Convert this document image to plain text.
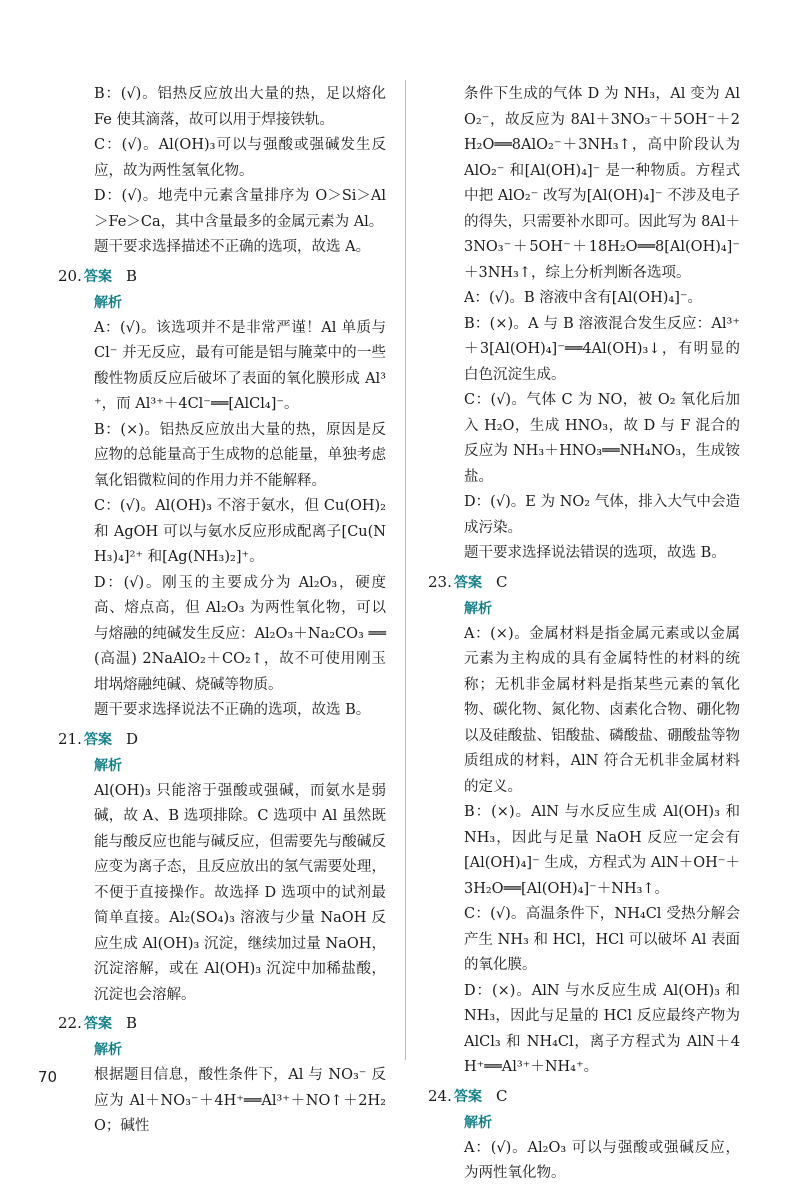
B：(√)。铝热反应放出大量的热，足以熔化 Fe 使其滴落，故可以用于焊接铁轨。

C：(√)。Al(OH)₃可以与强酸或强碱发生反应，故为两性氢氧化物。

D：(√)。地壳中元素含量排序为 O＞Si＞Al＞Fe＞Ca，其中含量最多的金属元素为 Al。

题干要求选择描述不正确的选项，故选 A。

20. 答案 B

解析

A：(√)。该选项并不是非常严谨！Al 单质与 Cl⁻ 并无反应，最有可能是铝与腌菜中的一些酸性物质反应后破坏了表面的氧化膜形成 Al³⁺，而 Al³⁺＋4Cl⁻══[AlCl₄]⁻。

B：(×)。铝热反应放出大量的热，原因是反应物的总能量高于生成物的总能量，单独考虑氧化铝微粒间的作用力并不能解释。

C：(√)。Al(OH)₃ 不溶于氨水，但 Cu(OH)₂ 和 AgOH 可以与氨水反应形成配离子[Cu(NH₃)₄]²⁺ 和[Ag(NH₃)₂]⁺。

D：(√)。刚玉的主要成分为 Al₂O₃，硬度高、熔点高，但 Al₂O₃ 为两性氧化物，可以与熔融的纯碱发生反应：Al₂O₃＋Na₂CO₃ ══(高温) 2NaAlO₂＋CO₂↑，故不可使用刚玉坩埚熔融纯碱、烧碱等物质。

题干要求选择说法不正确的选项，故选 B。

21. 答案 D

解析

Al(OH)₃ 只能溶于强酸或强碱，而氨水是弱碱，故 A、B 选项排除。C 选项中 Al 虽然既能与酸反应也能与碱反应，但需要先与酸碱反应变为离子态，且反应放出的氢气需要处理，不便于直接操作。故选择 D 选项中的试剂最简单直接。Al₂(SO₄)₃ 溶液与少量 NaOH 反应生成 Al(OH)₃ 沉淀，继续加过量 NaOH，沉淀溶解，或在 Al(OH)₃ 沉淀中加稀盐酸，沉淀也会溶解。

22. 答案 B

解析

根据题目信息，酸性条件下，Al 与 NO₃⁻ 反应为 Al＋NO₃⁻＋4H⁺══Al³⁺＋NO↑＋2H₂O；碱性

条件下生成的气体 D 为 NH₃，Al 变为 AlO₂⁻，故反应为 8Al＋3NO₃⁻＋5OH⁻＋2H₂O══8AlO₂⁻＋3NH₃↑，高中阶段认为 AlO₂⁻ 和[Al(OH)₄]⁻ 是一种物质。方程式中把 AlO₂⁻ 改写为[Al(OH)₄]⁻ 不涉及电子的得失，只需要补水即可。因此写为 8Al＋3NO₃⁻＋5OH⁻＋18H₂O══8[Al(OH)₄]⁻＋3NH₃↑，综上分析判断各选项。

A：(√)。B 溶液中含有[Al(OH)₄]⁻。

B：(×)。A 与 B 溶液混合发生反应：Al³⁺＋3[Al(OH)₄]⁻══4Al(OH)₃↓，有明显的白色沉淀生成。

C：(√)。气体 C 为 NO，被 O₂ 氧化后加入 H₂O，生成 HNO₃，故 D 与 F 混合的反应为 NH₃＋HNO₃══NH₄NO₃，生成铵盐。

D：(√)。E 为 NO₂ 气体，排入大气中会造成污染。

题干要求选择说法错误的选项，故选 B。

23. 答案 C

解析

A：(×)。金属材料是指金属元素或以金属元素为主构成的具有金属特性的材料的统称；无机非金属材料是指某些元素的氧化物、碳化物、氮化物、卤素化合物、硼化物以及硅酸盐、铝酸盐、磷酸盐、硼酸盐等物质组成的材料，AlN 符合无机非金属材料的定义。

B：(×)。AlN 与水反应生成 Al(OH)₃ 和 NH₃，因此与足量 NaOH 反应一定会有[Al(OH)₄]⁻ 生成，方程式为 AlN＋OH⁻＋3H₂O══[Al(OH)₄]⁻＋NH₃↑。

C：(√)。高温条件下，NH₄Cl 受热分解会产生 NH₃ 和 HCl，HCl 可以破坏 Al 表面的氧化膜。

D：(×)。AlN 与水反应生成 Al(OH)₃ 和 NH₃，因此与足量的 HCl 反应最终产物为 AlCl₃ 和 NH₄Cl，离子方程式为 AlN＋4H⁺══Al³⁺＋NH₄⁺。

24. 答案 C

解析

A：(√)。Al₂O₃ 可以与强酸或强碱反应，为两性氧化物。

70
